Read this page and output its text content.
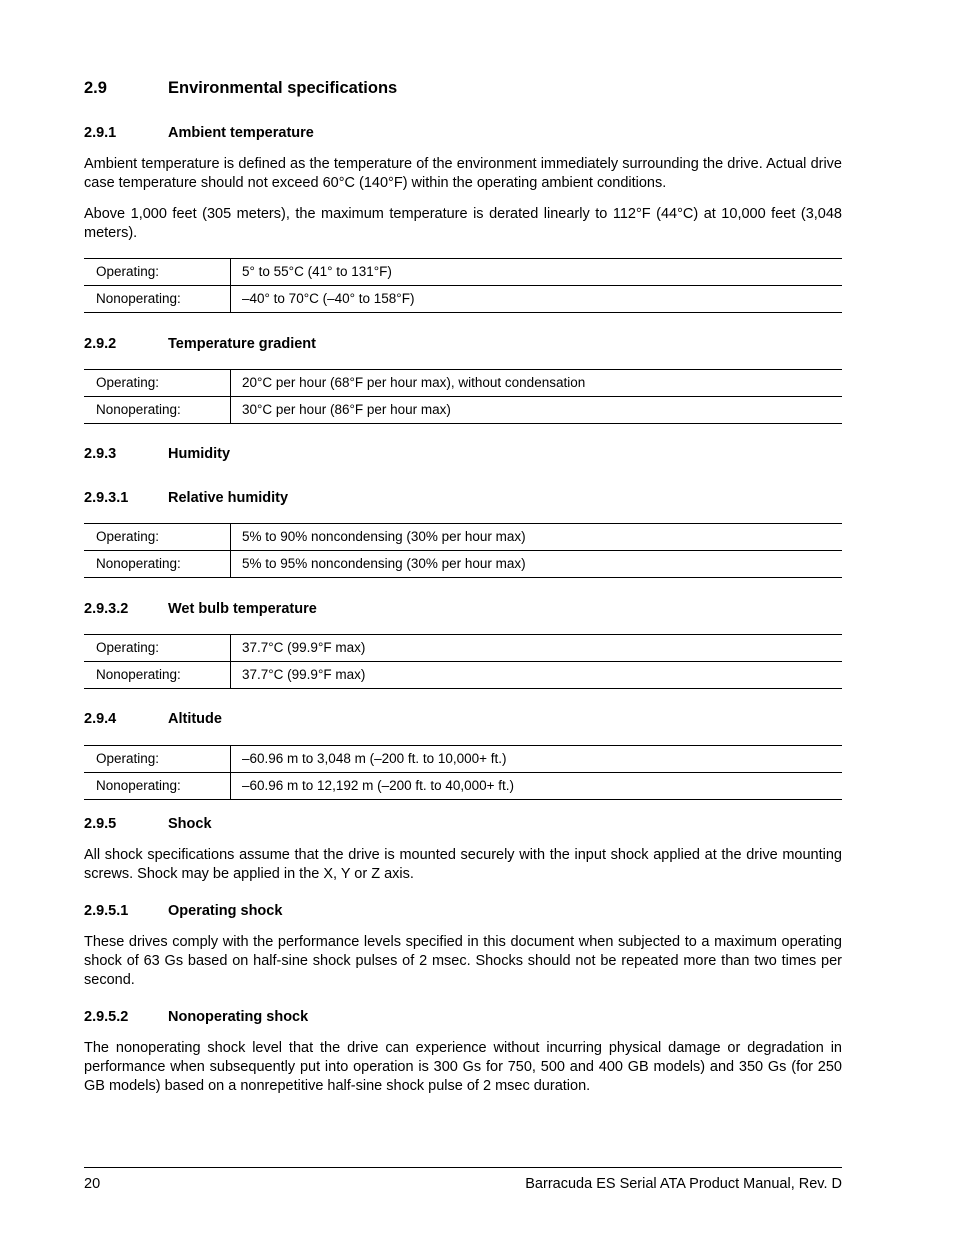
2.9	Environmental specifications
2.9.1	Ambient temperature

Ambient temperature is defined as the temperature of the environment immediately surrounding the drive. Actual drive case temperature should not exceed 60°C (140°F) within the operating ambient conditions.

Above 1,000 feet (305 meters), the maximum temperature is derated linearly to 112°F (44°C) at 10,000 feet (3,048 meters).

Operating:	5° to 55°C (41° to 131°F)
Nonoperating:	–40° to 70°C (–40° to 158°F)
2.9.2	Temperature gradient
Operating:	20°C per hour (68°F per hour max), without condensation
Nonoperating:	30°C per hour (86°F per hour max)
2.9.3	Humidity
2.9.3.1	Relative humidity
Operating:	5% to 90% noncondensing (30% per hour max)
Nonoperating:	5% to 95% noncondensing (30% per hour max)
2.9.3.2	Wet bulb temperature
Operating:	37.7°C (99.9°F max)
Nonoperating:	37.7°C (99.9°F max)
2.9.4	Altitude
Operating:	–60.96 m to 3,048 m (–200 ft. to 10,000+ ft.)
Nonoperating:	–60.96 m to 12,192 m (–200 ft. to 40,000+ ft.)
2.9.5	Shock

All shock specifications assume that the drive is mounted securely with the input shock applied at the drive mounting screws. Shock may be applied in the X, Y or Z axis.

2.9.5.1	Operating shock

These drives comply with the performance levels specified in this document when subjected to a maximum operating shock of 63 Gs based on half-sine shock pulses of 2 msec. Shocks should not be repeated more than two times per second.

2.9.5.2	Nonoperating shock

The nonoperating shock level that the drive can experience without incurring physical damage or degradation in performance when subsequently put into operation is 300 Gs for 750, 500 and 400 GB models) and 350 Gs (for 250 GB models) based on a nonrepetitive half-sine shock pulse of 2 msec duration.

20	Barracuda ES Serial ATA Product Manual, Rev. D
